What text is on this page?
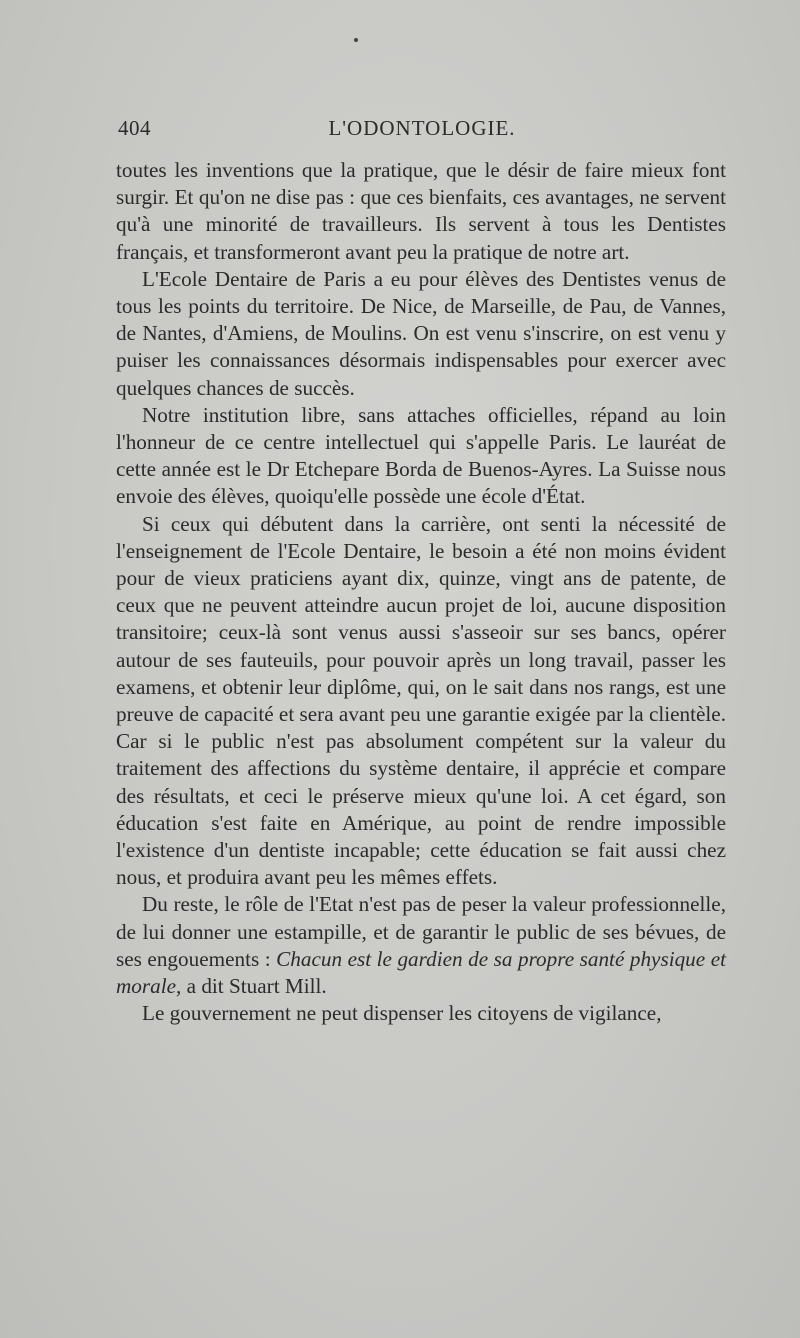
404	L'ODONTOLOGIE.

toutes les inventions que la pratique, que le désir de faire mieux font surgir. Et qu'on ne dise pas : que ces bienfaits, ces avantages, ne servent qu'à une minorité de travailleurs. Ils servent à tous les Dentistes français, et transformeront avant peu la pratique de notre art.

L'Ecole Dentaire de Paris a eu pour élèves des Dentistes venus de tous les points du territoire. De Nice, de Marseille, de Pau, de Vannes, de Nantes, d'Amiens, de Moulins. On est venu s'inscrire, on est venu y puiser les connaissances désormais indispensables pour exercer avec quelques chances de succès.

Notre institution libre, sans attaches officielles, répand au loin l'honneur de ce centre intellectuel qui s'appelle Paris. Le lauréat de cette année est le Dr Etchepare Borda de Buenos-Ayres. La Suisse nous envoie des élèves, quoiqu'elle possède une école d'État.

Si ceux qui débutent dans la carrière, ont senti la nécessité de l'enseignement de l'Ecole Dentaire, le besoin a été non moins évident pour de vieux praticiens ayant dix, quinze, vingt ans de patente, de ceux que ne peuvent atteindre aucun projet de loi, aucune disposition transitoire; ceux-là sont venus aussi s'asseoir sur ses bancs, opérer autour de ses fauteuils, pour pouvoir après un long travail, passer les examens, et obtenir leur diplôme, qui, on le sait dans nos rangs, est une preuve de capacité et sera avant peu une garantie exigée par la clientèle. Car si le public n'est pas absolument compétent sur la valeur du traitement des affections du système dentaire, il apprécie et compare des résultats, et ceci le préserve mieux qu'une loi. A cet égard, son éducation s'est faite en Amérique, au point de rendre impossible l'existence d'un dentiste incapable; cette éducation se fait aussi chez nous, et produira avant peu les mêmes effets.

Du reste, le rôle de l'Etat n'est pas de peser la valeur professionnelle, de lui donner une estampille, et de garantir le public de ses bévues, de ses engouements : Chacun est le gardien de sa propre santé physique et morale, a dit Stuart Mill.

Le gouvernement ne peut dispenser les citoyens de vigilance,
